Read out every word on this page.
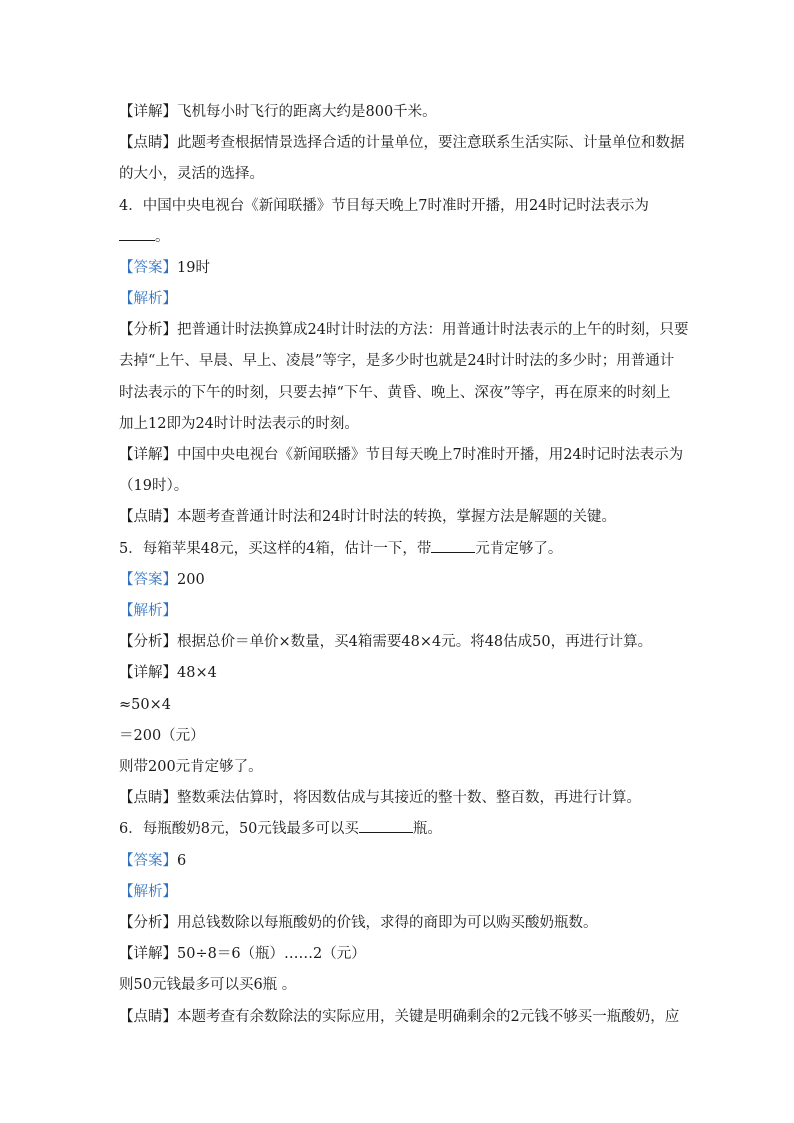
【详解】飞机每小时飞行的距离大约是800千米。
【点睛】此题考查根据情景选择合适的计量单位，要注意联系生活实际、计量单位和数据
的大小，灵活的选择。
4．中国中央电视台《新闻联播》节目每天晚上7时准时开播，用24时记时法表示为
。
【答案】19时
【解析】
【分析】把普通计时法换算成24时计时法的方法：用普通计时法表示的上午的时刻，只要
去掉“上午、早晨、早上、凌晨”等字，是多少时也就是24时计时法的多少时；用普通计
时法表示的下午的时刻，只要去掉“下午、黄昏、晚上、深夜”等字，再在原来的时刻上
加上12即为24时计时法表示的时刻。
【详解】中国中央电视台《新闻联播》节目每天晚上7时准时开播，用24时记时法表示为
（19时）。
【点睛】本题考查普通计时法和24时计时法的转换，掌握方法是解题的关键。
5．每箱苹果48元，买这样的4箱，估计一下，带	元肯定够了。
【答案】200
【解析】
【分析】根据总价＝单价×数量，买4箱需要48×4元。将48估成50，再进行计算。
【详解】48×4
≈50×4
＝200（元）
则带200元肯定够了。
【点睛】整数乘法估算时，将因数估成与其接近的整十数、整百数，再进行计算。
6．每瓶酸奶8元，50元钱最多可以买	瓶。
【答案】6
【解析】
【分析】用总钱数除以每瓶酸奶的价钱，求得的商即为可以购买酸奶瓶数。
【详解】50÷8＝6（瓶）……2（元）
则50元钱最多可以买6瓶 。
【点睛】本题考查有余数除法的实际应用，关键是明确剩余的2元钱不够买一瓶酸奶，应
